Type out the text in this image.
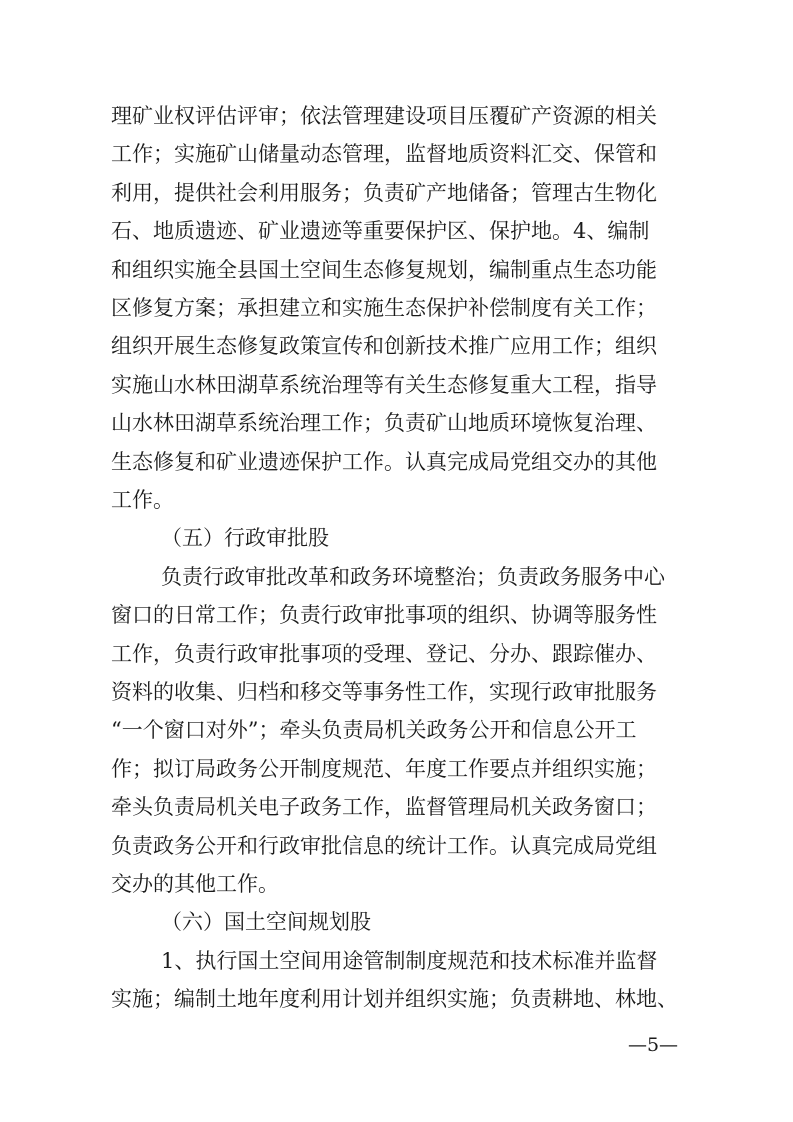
理矿业权评估评审；依法管理建设项目压覆矿产资源的相关

工作；实施矿山储量动态管理，监督地质资料汇交、保管和

利用，提供社会利用服务；负责矿产地储备；管理古生物化

石、地质遗迹、矿业遗迹等重要保护区、保护地。4、编制

和组织实施全县国土空间生态修复规划，编制重点生态功能

区修复方案；承担建立和实施生态保护补偿制度有关工作；

组织开展生态修复政策宣传和创新技术推广应用工作；组织

实施山水林田湖草系统治理等有关生态修复重大工程，指导

山水林田湖草系统治理工作；负责矿山地质环境恢复治理、

生态修复和矿业遗迹保护工作。认真完成局党组交办的其他

工作。

（五）行政审批股

负责行政审批改革和政务环境整治；负责政务服务中心

窗口的日常工作；负责行政审批事项的组织、协调等服务性

工作，负责行政审批事项的受理、登记、分办、跟踪催办、

资料的收集、归档和移交等事务性工作，实现行政审批服务

“一个窗口对外”；牵头负责局机关政务公开和信息公开工

作；拟订局政务公开制度规范、年度工作要点并组织实施；

牵头负责局机关电子政务工作，监督管理局机关政务窗口；

负责政务公开和行政审批信息的统计工作。认真完成局党组

交办的其他工作。

（六）国土空间规划股

1、执行国土空间用途管制制度规范和技术标准并监督

实施；编制土地年度利用计划并组织实施；负责耕地、林地、

—5—
